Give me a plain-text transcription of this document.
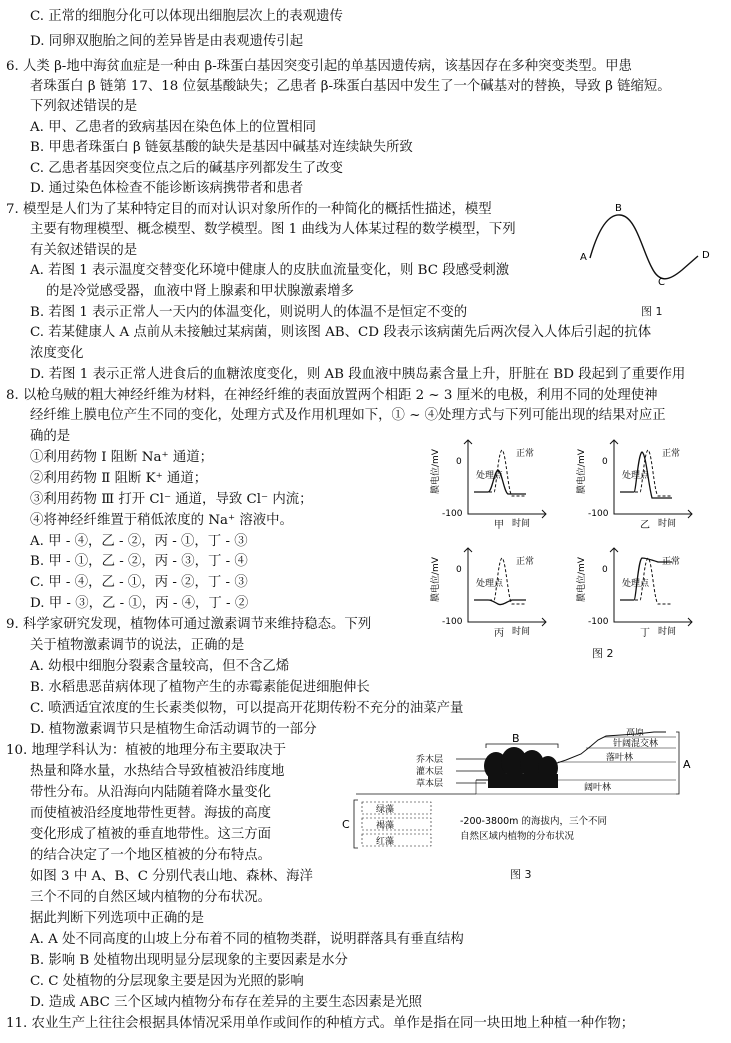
C. 正常的细胞分化可以体现出细胞层次上的表观遗传
D. 同卵双胞胎之间的差异皆是由表观遗传引起
6. 人类 β-地中海贫血症是一种由 β-珠蛋白基因突变引起的单基因遗传病，该基因存在多种突变类型。甲患
者珠蛋白 β 链第 17、18 位氨基酸缺失；乙患者 β-珠蛋白基因中发生了一个碱基对的替换，导致 β 链缩短。
下列叙述错误的是
A. 甲、乙患者的致病基因在染色体上的位置相同
B. 甲患者珠蛋白 β 链氨基酸的缺失是基因中碱基对连续缺失所致
C. 乙患者基因突变位点之后的碱基序列都发生了改变
D. 通过染色体检查不能诊断该病携带者和患者
7. 模型是人们为了某种特定目的而对认识对象所作的一种简化的概括性描述，模型
主要有物理模型、概念模型、数学模型。图 1 曲线为人体某过程的数学模型，下列
有关叙述错误的是
A. 若图 1 表示温度交替变化环境中健康人的皮肤血流量变化，则 BC 段感受刺激
的是冷觉感受器，血液中肾上腺素和甲状腺激素增多
B. 若图 1 表示正常人一天内的体温变化，则说明人的体温不是恒定不变的
C. 若某健康人 A 点前从未接触过某病菌，则该图 AB、CD 段表示该病菌先后两次侵入人体后引起的抗体
浓度变化
D. 若图 1 表示正常人进食后的血糖浓度变化，则 AB 段血液中胰岛素含量上升，肝脏在 BD 段起到了重要作用
8. 以枪乌贼的粗大神经纤维为材料，在神经纤维的表面放置两个相距 2 ~ 3 厘米的电极，利用不同的处理使神
经纤维上膜电位产生不同的变化，处理方式及作用机理如下，① ~ ④处理方式与下列可能出现的结果对应正
确的是
①利用药物 Ⅰ 阻断 Na⁺ 通道；
②利用药物 Ⅱ 阻断 K⁺ 通道；
③利用药物 Ⅲ 打开 Cl⁻ 通道，导致 Cl⁻ 内流；
④将神经纤维置于稍低浓度的 Na⁺ 溶液中。
A. 甲 - ④，乙 - ②，丙 - ①，丁 - ③
B. 甲 - ①，乙 - ②，丙 - ③，丁 - ④
C. 甲 - ④，乙 - ①，丙 - ②，丁 - ③
D. 甲 - ③，乙 - ①，丙 - ④，丁 - ②
9. 科学家研究发现，植物体可通过激素调节来维持稳态。下列
关于植物激素调节的说法，正确的是
A. 幼根中细胞分裂素含量较高，但不含乙烯
B. 水稻患恶苗病体现了植物产生的赤霉素能促进细胞伸长
C. 喷洒适宜浓度的生长素类似物，可以提高开花期传粉不充分的油菜产量
D. 植物激素调节只是植物生命活动调节的一部分
10. 地理学科认为：植被的地理分布主要取决于
热量和降水量，水热结合导致植被沿纬度地
带性分布。从沿海向内陆随着降水量变化
而使植被沿经度地带性更替。海拔的高度
变化形成了植被的垂直地带性。这三方面
的结合决定了一个地区植被的分布特点。
如图 3 中 A、B、C 分别代表山地、森林、海洋
三个不同的自然区域内植物的分布状况。
据此判断下列选项中正确的是
A. A 处不同高度的山坡上分布着不同的植物类群，说明群落具有垂直结构
B. 影响 B 处植物出现明显分层现象的主要因素是水分
C. C 处植物的分层现象主要是因为光照的影响
D. 造成 ABC 三个区域内植物分布存在差异的主要生态因素是光照
11. 农业生产上往往会根据具体情况采用单作或间作的种植方式。单作是指在同一块田地上种植一种作物；
A
B
C
D
图 1
膜电位/mV 0
-100
处理点
正常
时间
甲
膜电位/mV 0
-100
处理点
正常
时间
乙
膜电位/mV 0
-100
处理点
正常
时间
丙
膜电位/mV 0
-100
处理点
正常
时间
丁
图 2
A
高原
针阔混交林
落叶林
阔叶林
B
乔木层
灌木层
草本层
绿藻
褐藻
红藻
C	-200-3800m 的海拔内，三个不同
自然区域内植物的分布状况
图 3
